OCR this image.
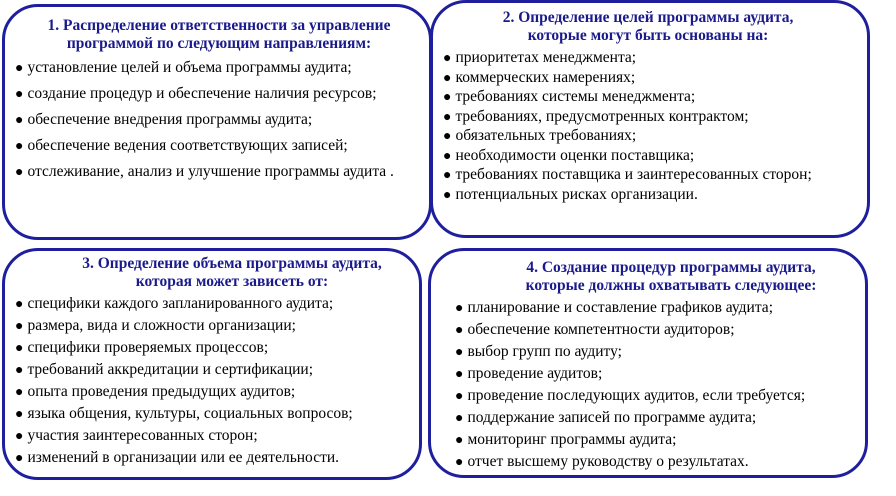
1. Распределение ответственности за управление
программой по следующим направлениям:
● установление целей и объема программы аудита;
● создание процедур и обеспечение наличия ресурсов;
● обеспечение внедрения программы аудита;
● обеспечение ведения соответствующих записей;
● отслеживание, анализ и улучшение программы аудита .
2. Определение целей программы аудита,
которые могут быть основаны на:
● приоритетах менеджмента;
● коммерческих намерениях;
● требованиях системы менеджмента;
● требованиях, предусмотренных контрактом;
● обязательных требованиях;
● необходимости оценки поставщика;
● требованиях поставщика и заинтересованных сторон;
● потенциальных рисках организации.
3. Определение объема программы аудита,
которая может зависеть от:
● специфики каждого запланированного аудита;
● размера, вида и сложности организации;
● специфики проверяемых процессов;
● требований аккредитации и сертификации;
● опыта проведения предыдущих аудитов;
● языка общения, культуры, социальных вопросов;
● участия заинтересованных сторон;
● изменений в организации или ее деятельности.
4. Создание процедур программы аудита,
которые должны охватывать следующее:
● планирование и составление графиков аудита;
● обеспечение компетентности аудиторов;
● выбор групп по аудиту;
● проведение аудитов;
● проведение последующих аудитов, если требуется;
● поддержание записей по программе аудита;
● мониторинг программы аудита;
● отчет высшему руководству о результатах.
